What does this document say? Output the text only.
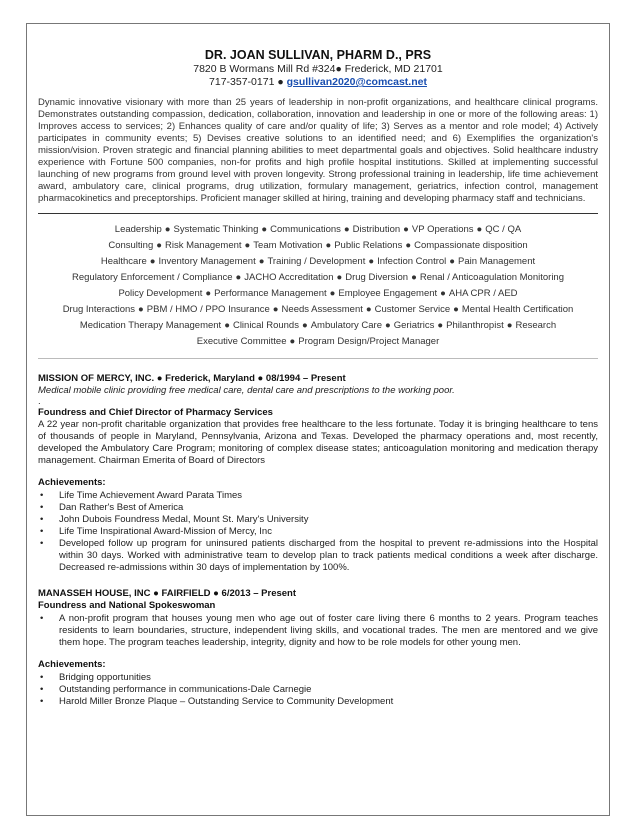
DR. JOAN SULLIVAN, PHARM D., PRS
7820 B Wormans Mill Rd #324● Frederick, MD 21701
717-357-0171 ● gsullivan2020@comcast.net
Dynamic innovative visionary with more than 25 years of leadership in non-profit organizations, and healthcare clinical programs. Demonstrates outstanding compassion, dedication, collaboration, innovation and leadership in one or more of the following areas: 1) Improves access to services; 2) Enhances quality of care and/or quality of life; 3) Serves as a mentor and role model; 4) Actively participates in community events; 5) Devises creative solutions to an identified need; and 6) Exemplifies the organization's mission/vision. Proven strategic and financial planning abilities to meet departmental goals and objectives. Solid healthcare industry experience with Fortune 500 companies, non-for profits and high profile hospital institutions. Skilled at implementing successful launching of new programs from ground level with proven longevity. Strong professional training in leadership, life time achievement award, ambulatory care, clinical programs, drug utilization, formulary management, geriatrics, infection control, management pharmacokinetics and preceptorships. Proficient manager skilled at hiring, training and developing pharmacy staff and technicians.
Leadership ● Systematic Thinking ● Communications ● Distribution ● VP Operations ● QC / QA
Consulting ● Risk Management ● Team Motivation ● Public Relations ● Compassionate disposition
Healthcare ● Inventory Management ● Training / Development ● Infection Control ● Pain Management
Regulatory Enforcement / Compliance ● JACHO Accreditation ● Drug Diversion ● Renal / Anticoagulation Monitoring
Policy Development ● Performance Management ● Employee Engagement ● AHA CPR / AED
Drug Interactions ● PBM / HMO / PPO Insurance ● Needs Assessment ● Customer Service ● Mental Health Certification
Medication Therapy Management ● Clinical Rounds ● Ambulatory Care ● Geriatrics ● Philanthropist ● Research
Executive Committee ● Program Design/Project Manager
MISSION OF MERCY, INC. ● Frederick, Maryland ● 08/1994 – Present
Medical mobile clinic providing free medical care, dental care and prescriptions to the working poor.
.
Foundress and Chief Director of Pharmacy Services
A 22 year non-profit charitable organization that provides free healthcare to the less fortunate. Today it is bringing healthcare to tens of thousands of people in Maryland, Pennsylvania, Arizona and Texas. Developed the pharmacy operations and, most recently, developed the Ambulatory Care Program; monitoring of complex disease states; anticoagulation monitoring and medication therapy management. Chairman Emerita of Board of Directors
Achievements:
• Life Time Achievement Award Parata Times
• Dan Rather's Best of America
• John Dubois Foundress Medal, Mount St. Mary's University
• Life Time Inspirational Award-Mission of Mercy, Inc
• Developed follow up program for uninsured patients discharged from the hospital to prevent re-admissions into the Hospital within 30 days. Worked with administrative team to develop plan to track patients medical conditions a week after discharge. Decreased re-admissions within 30 days of implementation by 100%.
MANASSEH HOUSE, INC ● FAIRFIELD ● 6/2013 – Present
Foundress and National Spokeswoman
• A non-profit program that houses young men who age out of foster care living there 6 months to 2 years. Program teaches residents to learn boundaries, structure, independent living skills, and vocational trades. The men are mentored and we give them hope. The program teaches leadership, integrity, dignity and how to be role models for other young men.
Achievements:
• Bridging opportunities
• Outstanding performance in communications-Dale Carnegie
• Harold Miller Bronze Plaque – Outstanding Service to Community Development
